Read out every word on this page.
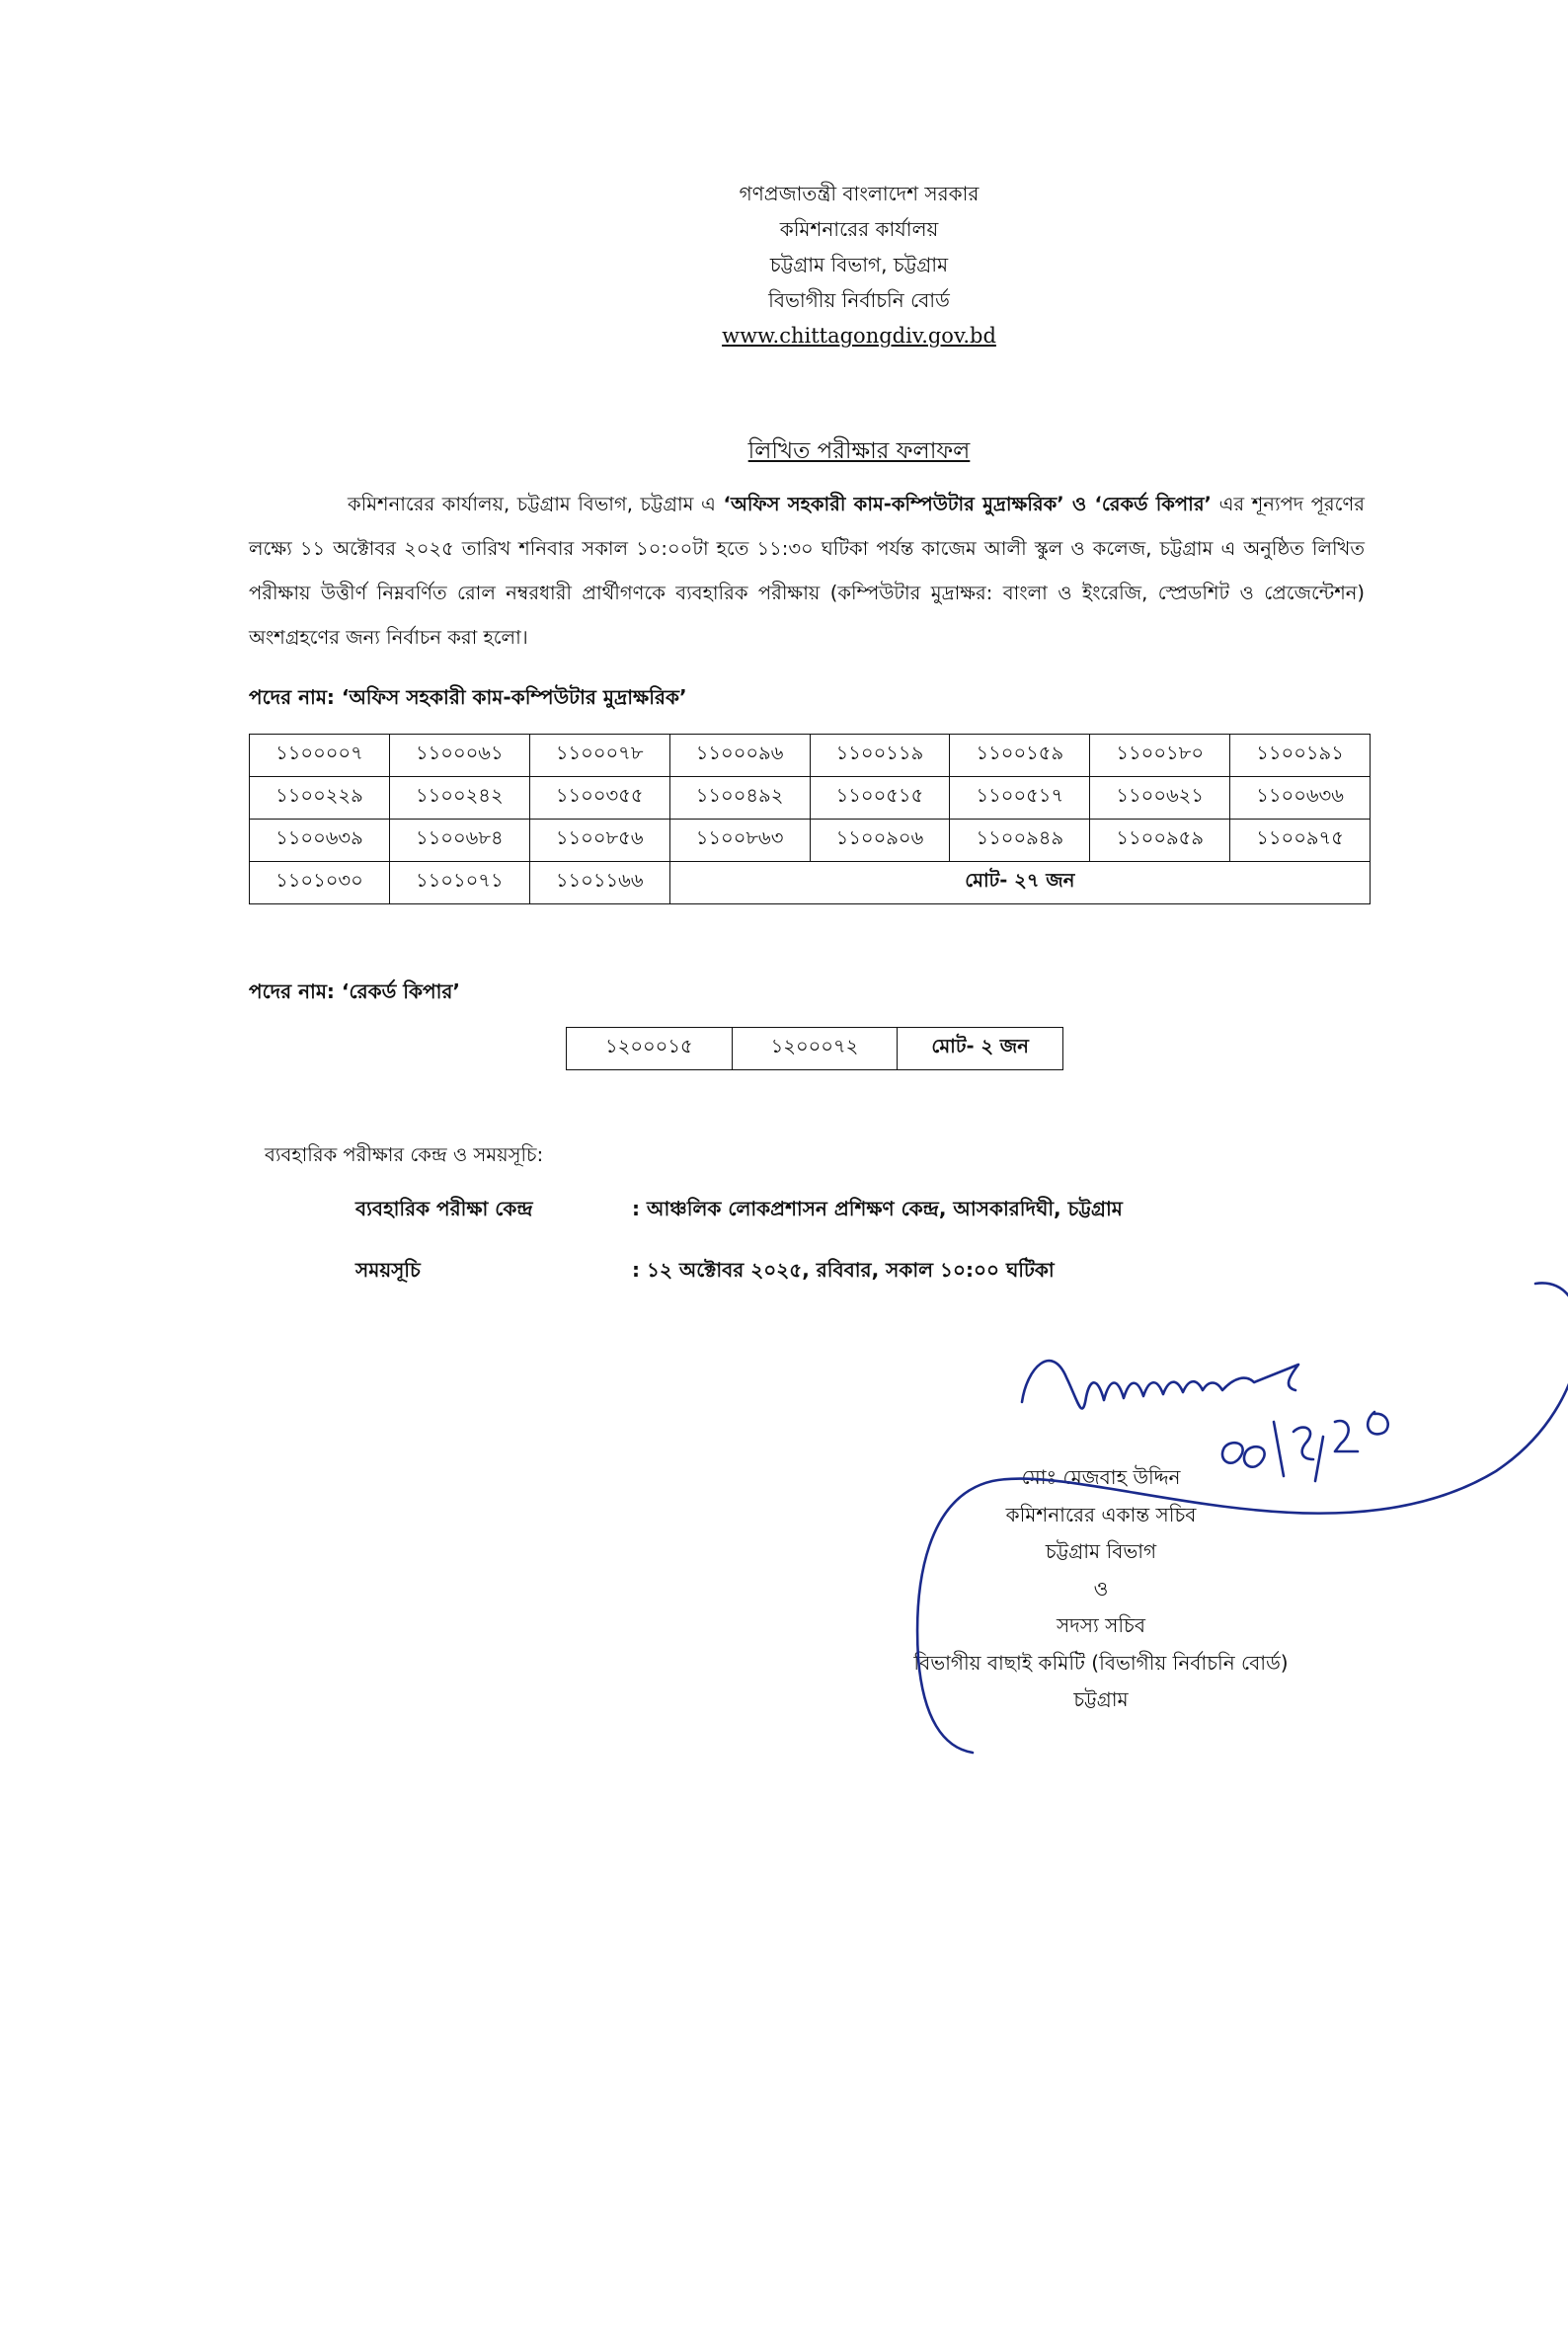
গণপ্রজাতন্ত্রী বাংলাদেশ সরকার
কমিশনারের কার্যালয়
চট্টগ্রাম বিভাগ, চট্টগ্রাম
বিভাগীয় নির্বাচনি বোর্ড
www.chittagongdiv.gov.bd
লিখিত পরীক্ষার ফলাফল
কমিশনারের কার্যালয়, চট্টগ্রাম বিভাগ, চট্টগ্রাম এ ‘অফিস সহকারী কাম-কম্পিউটার মুদ্রাক্ষরিক’ ও ‘রেকর্ড কিপার’ এর শূন্যপদ পূরণের লক্ষ্যে ১১ অক্টোবর ২০২৫ তারিখ শনিবার সকাল ১০:০০টা হতে ১১:৩০ ঘটিকা পর্যন্ত কাজেম আলী স্কুল ও কলেজ, চট্টগ্রাম এ অনুষ্ঠিত লিখিত পরীক্ষায় উত্তীর্ণ নিম্নবর্ণিত রোল নম্বরধারী প্রার্থীগণকে ব্যবহারিক পরীক্ষায় (কম্পিউটার মুদ্রাক্ষর: বাংলা ও ইংরেজি, স্প্রেডশিট ও প্রেজেন্টেশন) অংশগ্রহণের জন্য নির্বাচন করা হলো।
পদের নাম: ‘অফিস সহকারী কাম-কম্পিউটার মুদ্রাক্ষরিক’
১১০০০০৭	১১০০০৬১	১১০০০৭৮	১১০০০৯৬	১১০০১১৯	১১০০১৫৯	১১০০১৮০	১১০০১৯১
১১০০২২৯	১১০০২৪২	১১০০৩৫৫	১১০০৪৯২	১১০০৫১৫	১১০০৫১৭	১১০০৬২১	১১০০৬৩৬
১১০০৬৩৯	১১০০৬৮৪	১১০০৮৫৬	১১০০৮৬৩	১১০০৯০৬	১১০০৯৪৯	১১০০৯৫৯	১১০০৯৭৫
১১০১০৩০	১১০১০৭১	১১০১১৬৬	মোট- ২৭ জন				
পদের নাম: ‘রেকর্ড কিপার’
১২০০০১৫	১২০০০৭২	মোট- ২ জন
ব্যবহারিক পরীক্ষার কেন্দ্র ও সময়সূচি:
ব্যবহারিক পরীক্ষা কেন্দ্র	: আঞ্চলিক লোকপ্রশাসন প্রশিক্ষণ কেন্দ্র, আসকারদিঘী, চট্টগ্রাম
সময়সূচি	: ১২ অক্টোবর ২০২৫, রবিবার, সকাল ১০:০০ ঘটিকা
মোঃ মেজবাহ উদ্দিন
কমিশনারের একান্ত সচিব
চট্টগ্রাম বিভাগ
ও
সদস্য সচিব
বিভাগীয় বাছাই কমিটি (বিভাগীয় নির্বাচনি বোর্ড)
চট্টগ্রাম
